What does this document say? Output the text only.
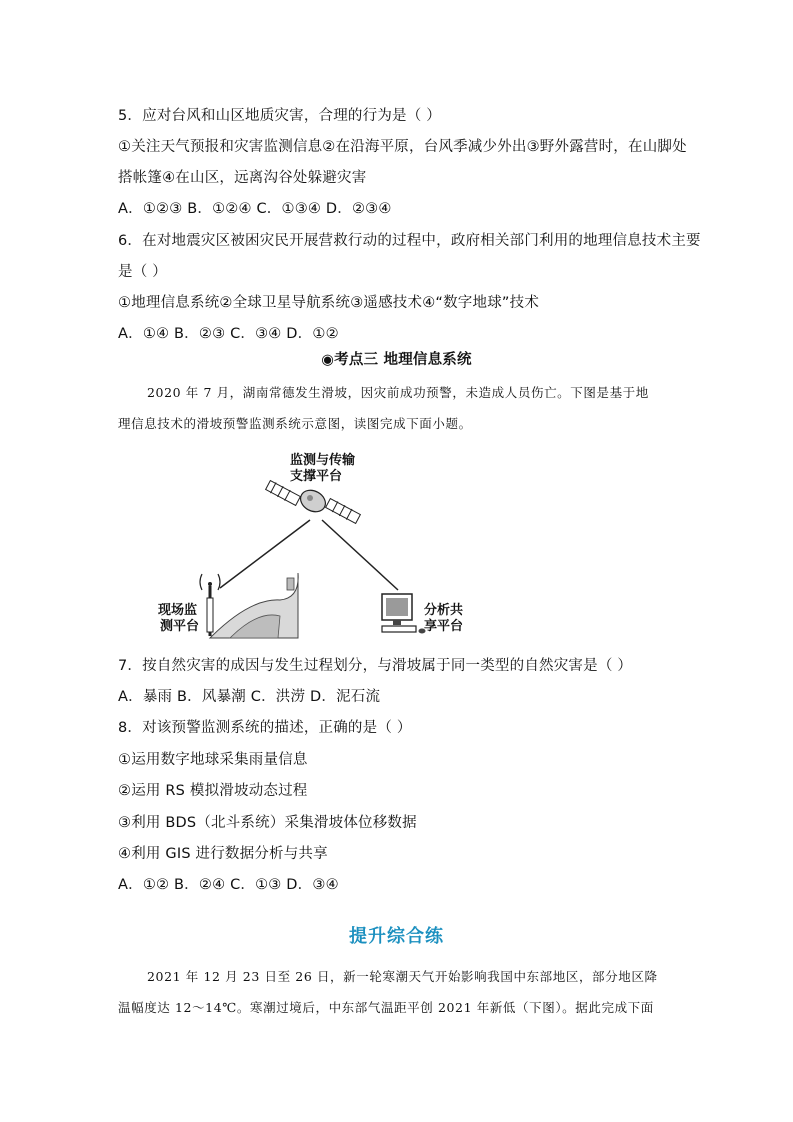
5．应对台风和山区地质灾害，合理的行为是（ ）
①关注天气预报和灾害监测信息②在沿海平原，台风季减少外出③野外露营时，在山脚处
搭帐篷④在山区，远离沟谷处躲避灾害
A．①②③ B．①②④ C．①③④ D．②③④
6．在对地震灾区被困灾民开展营救行动的过程中，政府相关部门利用的地理信息技术主要
是（ ）
①地理信息系统②全球卫星导航系统③遥感技术④“数字地球”技术
A．①④ B．②③ C．③④ D．①②
◉考点三 地理信息系统
2020 年 7 月，湖南常德发生滑坡，因灾前成功预警，未造成人员伤亡。下图是基于地
理信息技术的滑坡预警监测系统示意图，读图完成下面小题。
监测与传输
支撑平台
现场监
测平台
分析共
享平台
7．按自然灾害的成因与发生过程划分，与滑坡属于同一类型的自然灾害是（ ）
A．暴雨 B．风暴潮 C．洪涝 D．泥石流
8．对该预警监测系统的描述，正确的是（ ）
①运用数字地球采集雨量信息
②运用 RS 模拟滑坡动态过程
③利用 BDS（北斗系统）采集滑坡体位移数据
④利用 GIS 进行数据分析与共享
A．①② B．②④ C．①③ D．③④
提升综合练
2021 年 12 月 23 日至 26 日，新一轮寒潮天气开始影响我国中东部地区，部分地区降
温幅度达 12～14℃。寒潮过境后，中东部气温距平创 2021 年新低（下图）。据此完成下面
